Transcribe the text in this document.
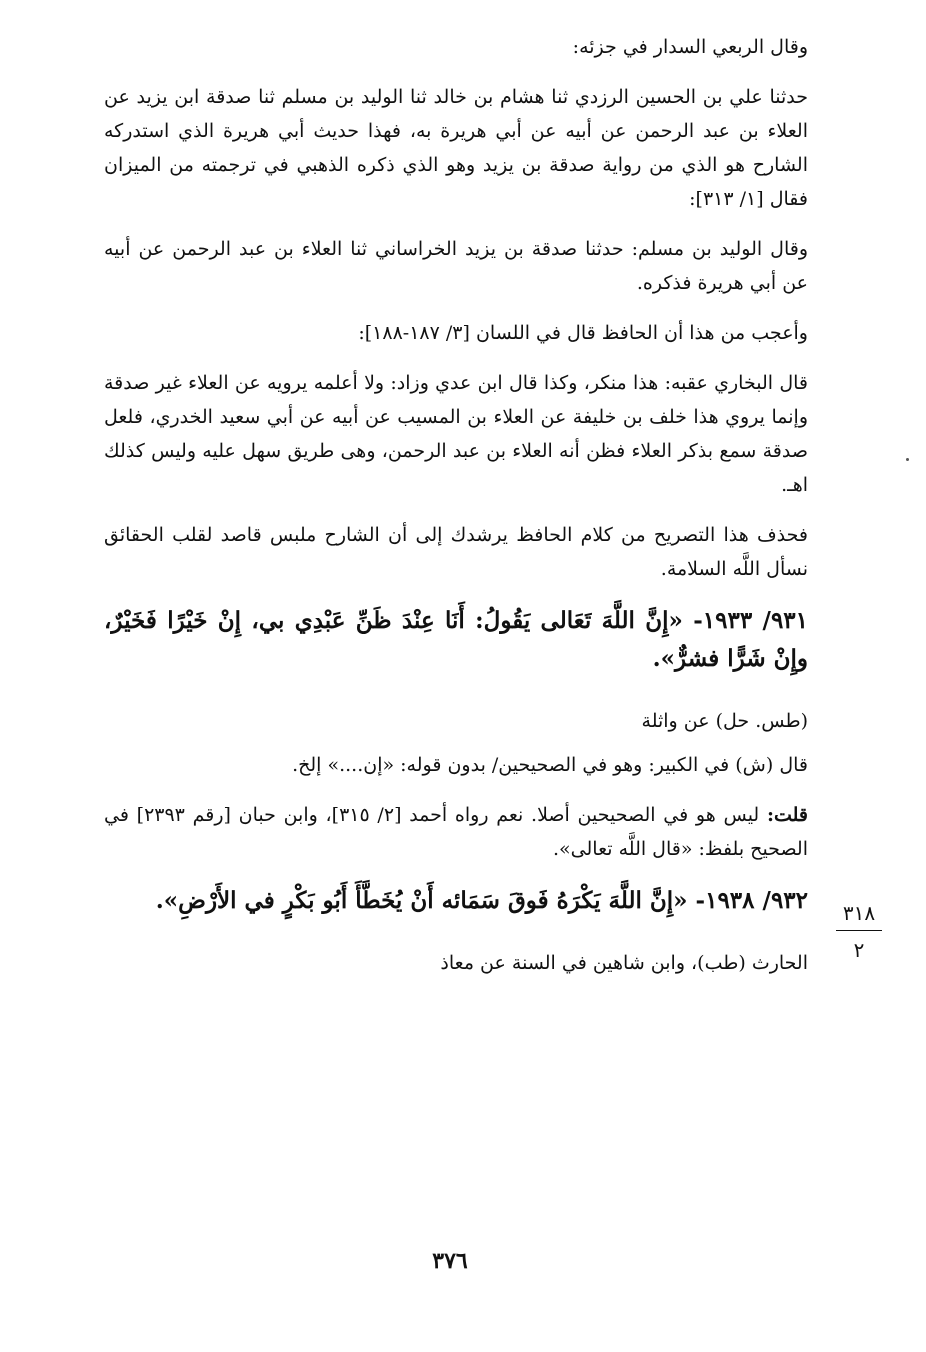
وقال الربعي السدار في جزئه:

حدثنا علي بن الحسين الرزدي ثنا هشام بن خالد ثنا الوليد بن مسلم ثنا صدقة ابن يزيد عن العلاء بن عبد الرحمن عن أبيه عن أبي هريرة به، فهذا حديث أبي هريرة الذي استدركه الشارح هو الذي من رواية صدقة بن يزيد وهو الذي ذكره الذهبي في ترجمته من الميزان فقال [١/ ٣١٣]:

وقال الوليد بن مسلم: حدثنا صدقة بن يزيد الخراساني ثنا العلاء بن عبد الرحمن عن أبيه عن أبي هريرة فذكره.

وأعجب من هذا أن الحافظ قال في اللسان [٣/ ١٨٧-١٨٨]:

قال البخاري عقبه: هذا منكر، وكذا قال ابن عدي وزاد: ولا أعلمه يرويه عن العلاء غير صدقة وإنما يروي هذا خلف بن خليفة عن العلاء بن المسيب عن أبيه عن أبي سعيد الخدري، فلعل صدقة سمع بذكر العلاء فظن أنه العلاء بن عبد الرحمن، وهى طريق سهل عليه وليس كذلك اهـ.

فحذف هذا التصريح من كلام الحافظ يرشدك إلى أن الشارح ملبس قاصد لقلب الحقائق نسأل اللَّه السلامة.

٩٣١/ ١٩٣٣- «إِنَّ اللَّهَ تَعَالى يَقُولُ: أَنَا عِنْدَ ظَنِّ عَبْدِي بي، إِنْ خَيْرًا فَخَيْرٌ، وإِنْ شَرًّا فشرٌّ».

(طس. حل) عن واثلة

قال (ش) في الكبير: وهو في الصحيحين/ بدون قوله: «إن....» إلخ.

قلت: ليس هو في الصحيحين أصلا. نعم رواه أحمد [٢/ ٣١٥]، وابن حبان [رقم ٢٣٩٣] في الصحيح بلفظ: «قال اللَّه تعالى».

٩٣٢/ ١٩٣٨- «إِنَّ اللَّهَ يَكْرَهُ فَوقَ سَمَائه أَنْ يُخَطَّأَ أَبُو بَكْرٍ في الأَرْضِ».

الحارث (طب)، وابن شاهين في السنة عن معاذ

٣١٨
٢
٣٧٦
